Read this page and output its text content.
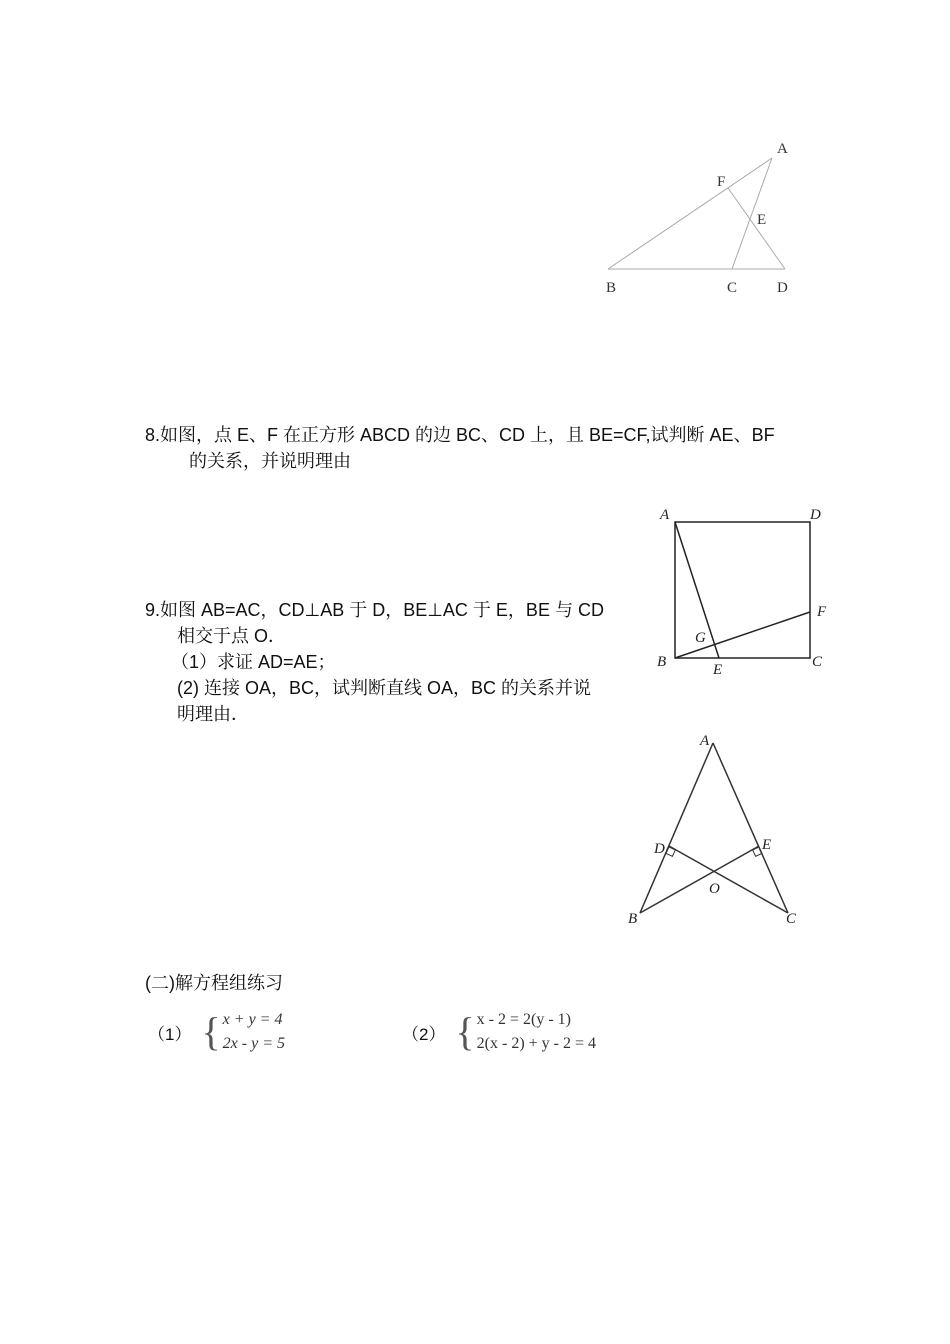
A
F
E
B	C	D
8.如图，点 E、F 在正方形 ABCD 的边 BC、CD 上，且 BE=CF,试判断 AE、BF
的关系，并说明理由
A	D
F
G
B	E	C
9.如图 AB=AC，CD⊥AB 于 D，BE⊥AC 于 E，BE 与 CD
相交于点 O．
（1）求证 AD=AE；
(2) 连接 OA，BC，试判断直线 OA，BC 的关系并说
明理由．
A
D	E
O
B	C
(二)解方程组练习
（1） { x + y = 4
2x - y = 5	（2） { x - 2 = 2(y - 1)
2(x - 2) + y - 2 = 4
